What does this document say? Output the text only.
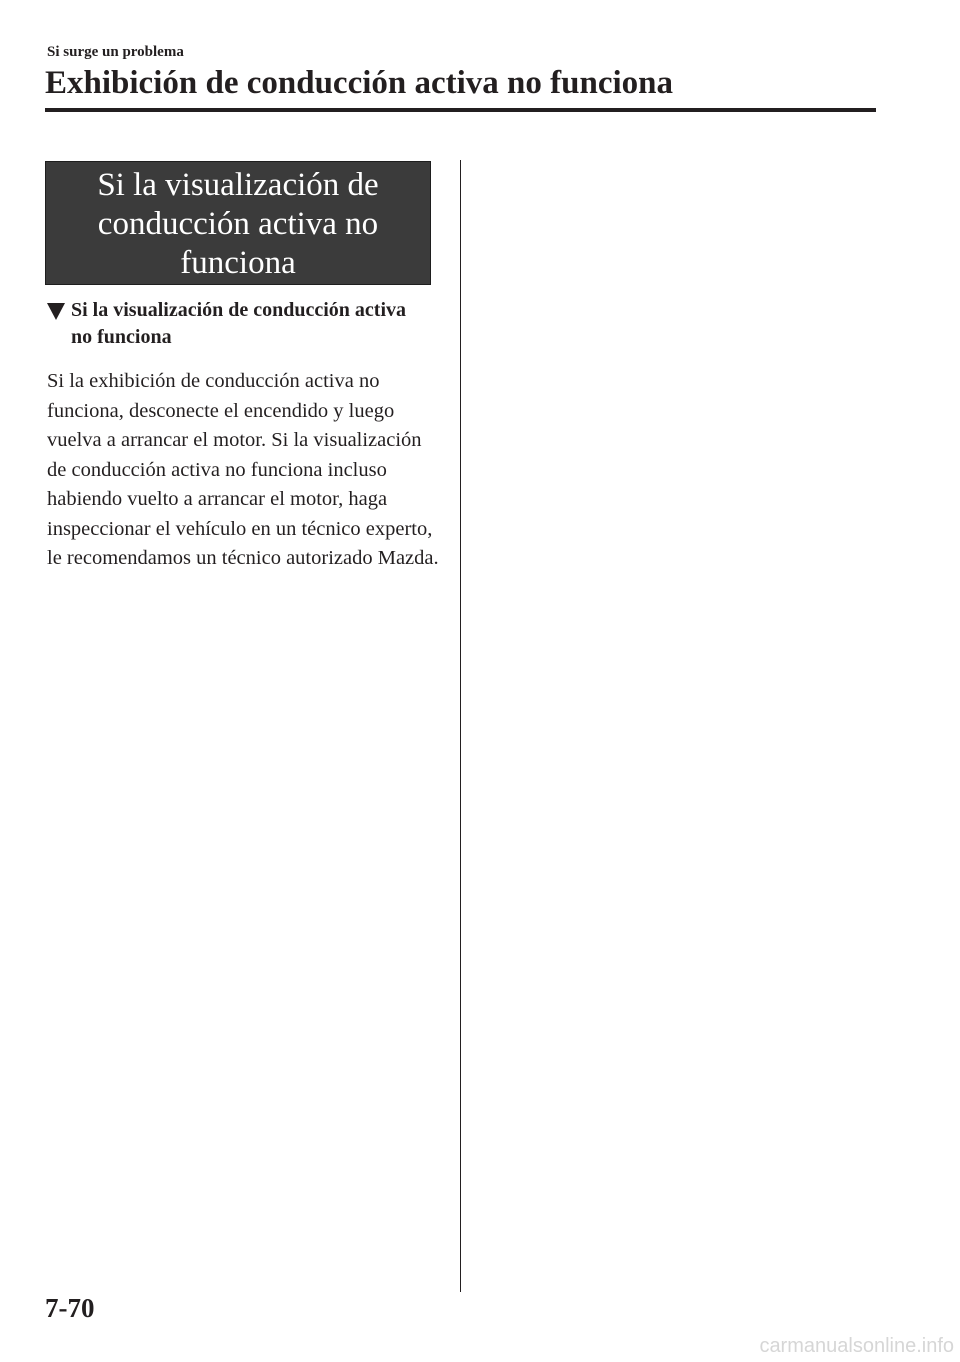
Si surge un problema
Exhibición de conducción activa no funciona
Si la visualización de conducción activa no funciona
Si la visualización de conducción activa no funciona

Si la exhibición de conducción activa no funciona, desconecte el encendido y luego vuelva a arrancar el motor. Si la visualización de conducción activa no funciona incluso habiendo vuelto a arrancar el motor, haga inspeccionar el vehículo en un técnico experto, le recomendamos un técnico autorizado Mazda.

7-70
carmanualsonline.info
